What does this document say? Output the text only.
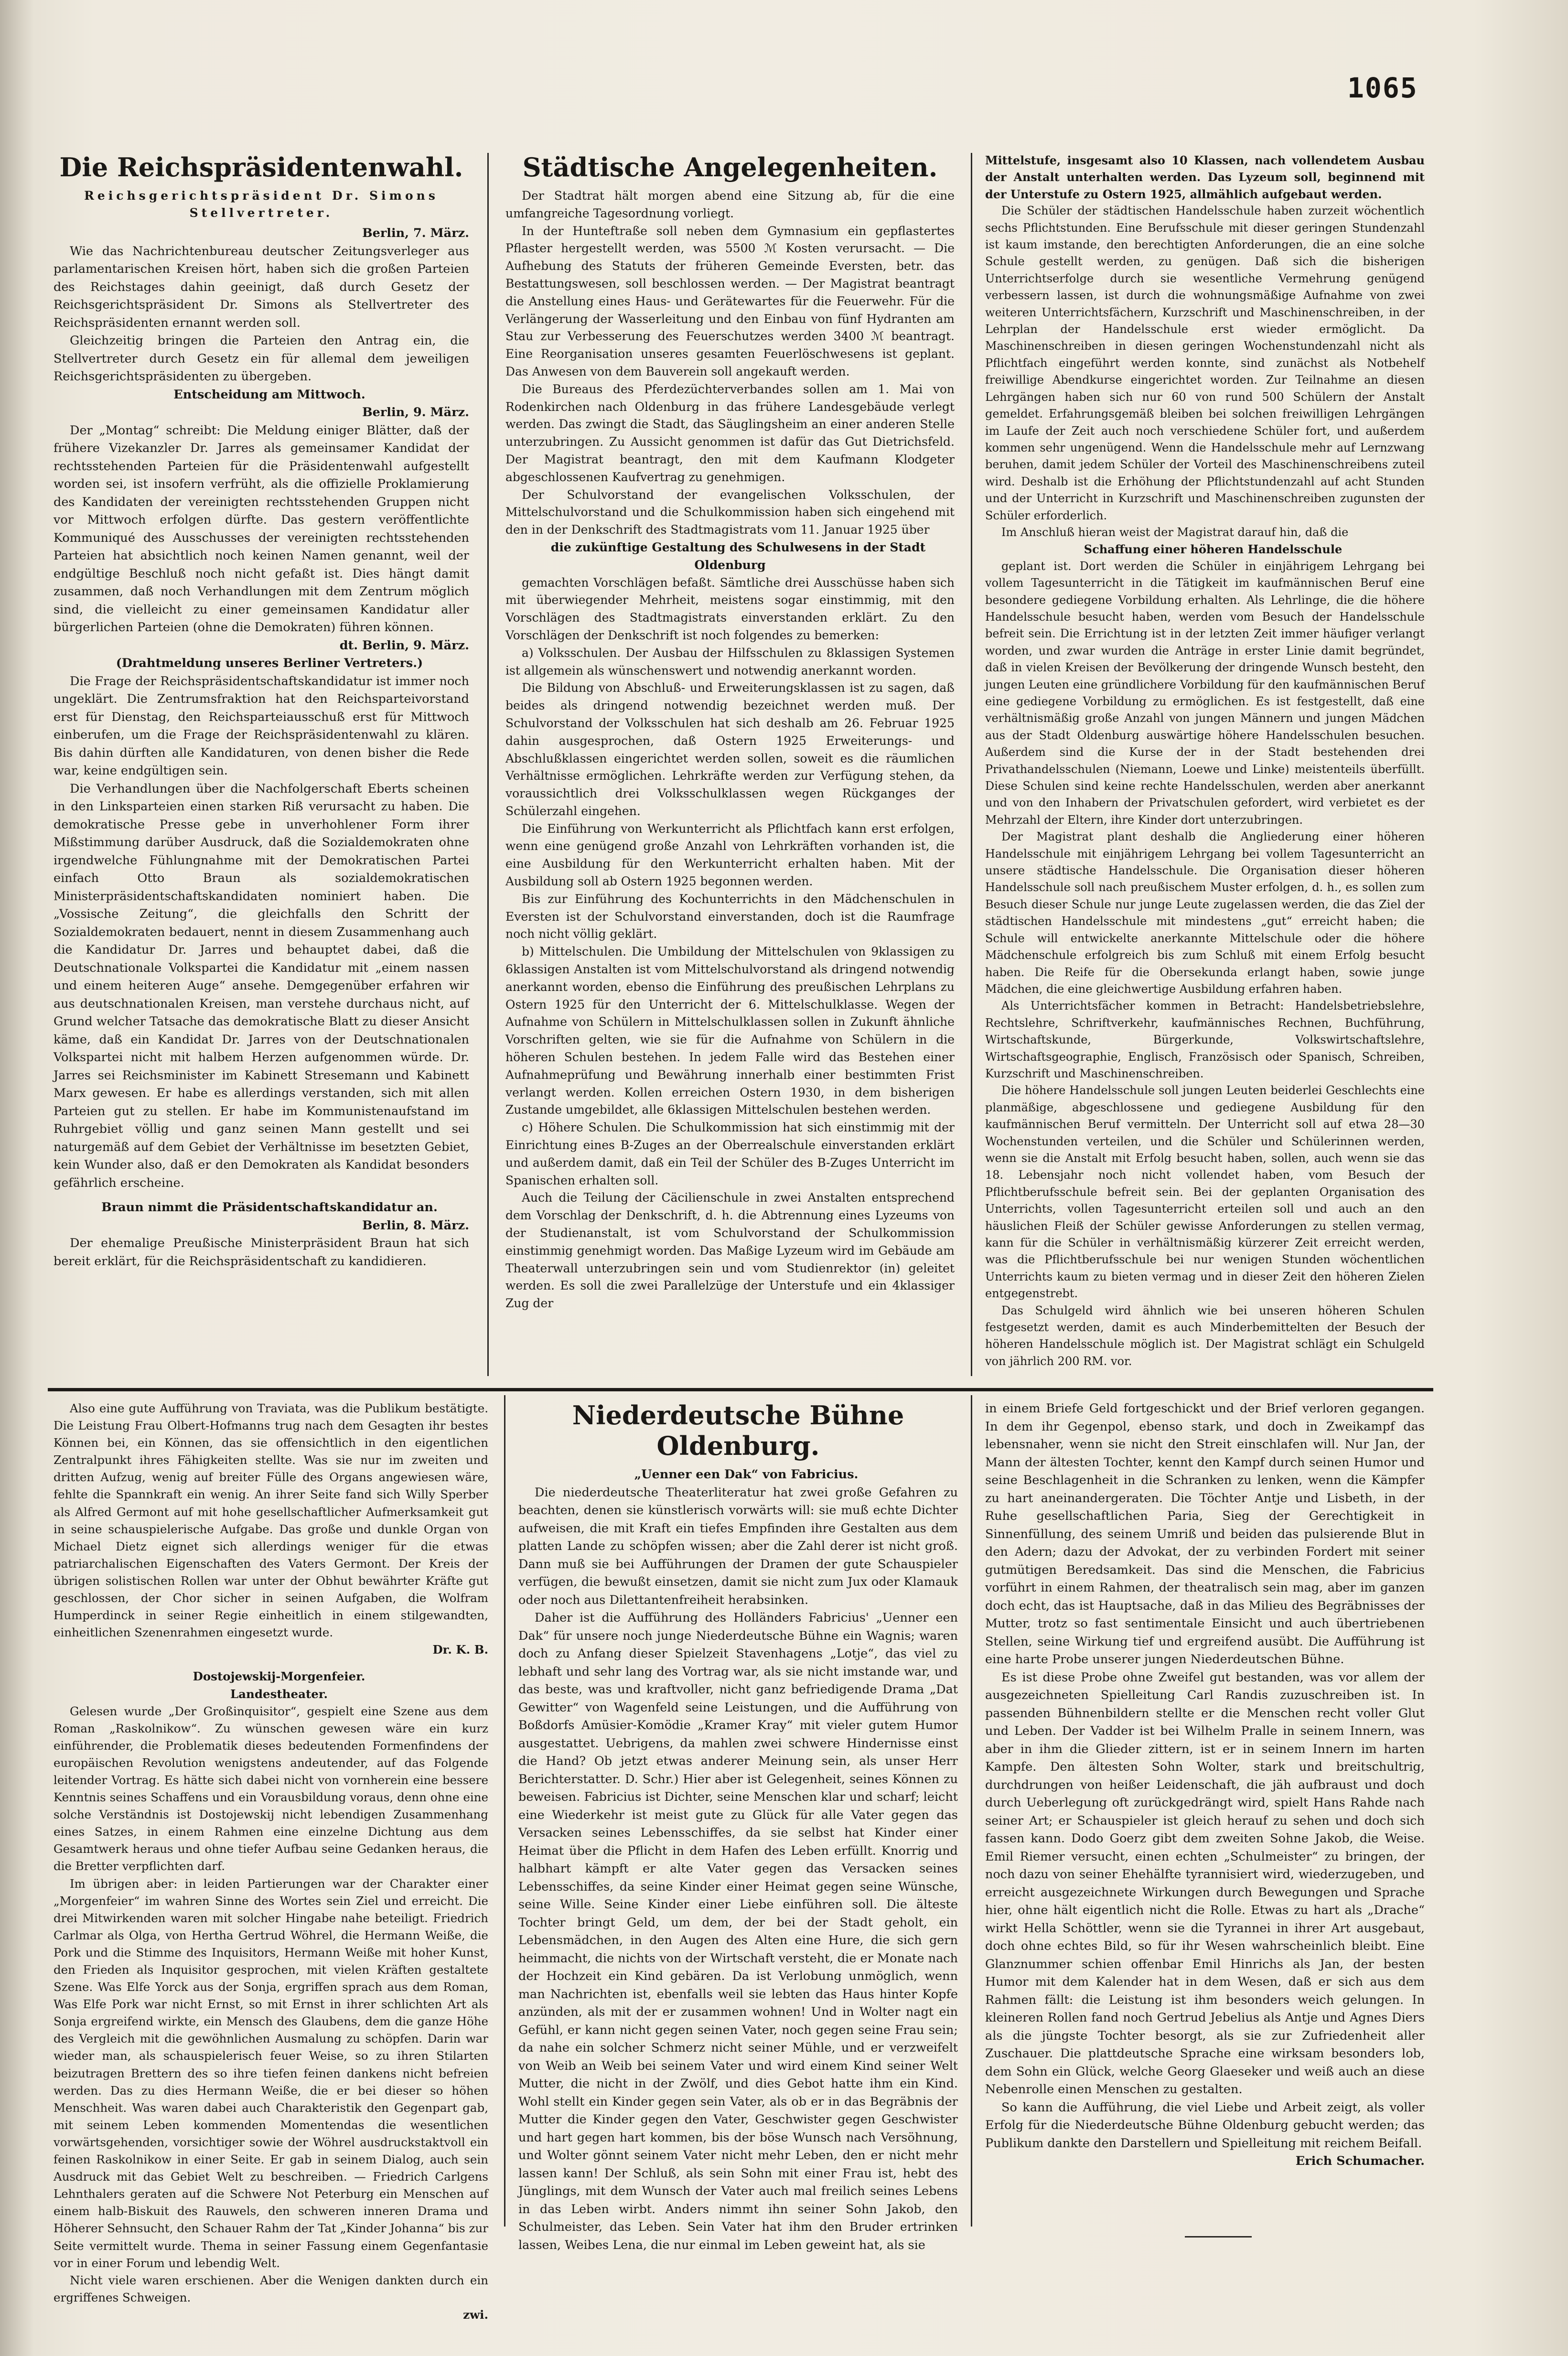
1065
Die Reichspräsidentenwahl.
Reichsgerichtspräsident Dr. Simons
Stellvertreter.

Berlin, 7. März.

Wie das Nachrichtenbureau deutscher Zeitungsverleger aus parlamentarischen Kreisen hört, haben sich die großen Parteien des Reichstages dahin geeinigt, daß durch Gesetz der Reichsgerichtspräsident Dr. Simons als Stellvertreter des Reichspräsidenten ernannt werden soll.

Gleichzeitig bringen die Parteien den Antrag ein, die Stellvertreter durch Gesetz ein für allemal dem jeweiligen Reichsgerichtspräsidenten zu übergeben.

Entscheidung am Mittwoch.

Berlin, 9. März.

Der „Montag“ schreibt: Die Meldung einiger Blätter, daß der frühere Vizekanzler Dr. Jarres als gemeinsamer Kandidat der rechtsstehenden Parteien für die Präsidentenwahl aufgestellt worden sei, ist insofern verfrüht, als die offizielle Proklamierung des Kandidaten der vereinigten rechtsstehenden Gruppen nicht vor Mittwoch erfolgen dürfte. Das gestern veröffentlichte Kommuniqué des Ausschusses der vereinigten rechtsstehenden Parteien hat absichtlich noch keinen Namen genannt, weil der endgültige Beschluß noch nicht gefaßt ist. Dies hängt damit zusammen, daß noch Verhandlungen mit dem Zentrum möglich sind, die vielleicht zu einer gemeinsamen Kandidatur aller bürgerlichen Parteien (ohne die Demokraten) führen können.

dt. Berlin, 9. März.

(Drahtmeldung unseres Berliner Vertreters.)

Die Frage der Reichspräsidentschaftskandidatur ist immer noch ungeklärt. Die Zentrumsfraktion hat den Reichsparteivorstand erst für Dienstag, den Reichsparteiausschuß erst für Mittwoch einberufen, um die Frage der Reichspräsidentenwahl zu klären. Bis dahin dürften alle Kandidaturen, von denen bisher die Rede war, keine endgültigen sein.

Die Verhandlungen über die Nachfolgerschaft Eberts scheinen in den Linksparteien einen starken Riß verursacht zu haben. Die demokratische Presse gebe in unverhohlener Form ihrer Mißstimmung darüber Ausdruck, daß die Sozialdemokraten ohne irgendwelche Fühlungnahme mit der Demokratischen Partei einfach Otto Braun als sozialdemokratischen Ministerpräsidentschaftskandidaten nominiert haben. Die „Vossische Zeitung“, die gleichfalls den Schritt der Sozialdemokraten bedauert, nennt in diesem Zusammenhang auch die Kandidatur Dr. Jarres und behauptet dabei, daß die Deutschnationale Volkspartei die Kandidatur mit „einem nassen und einem heiteren Auge“ ansehe. Demgegenüber erfahren wir aus deutschnationalen Kreisen, man verstehe durchaus nicht, auf Grund welcher Tatsache das demokratische Blatt zu dieser Ansicht käme, daß ein Kandidat Dr. Jarres von der Deutschnationalen Volkspartei nicht mit halbem Herzen aufgenommen würde. Dr. Jarres sei Reichsminister im Kabinett Stresemann und Kabinett Marx gewesen. Er habe es allerdings verstanden, sich mit allen Parteien gut zu stellen. Er habe im Kommunistenaufstand im Ruhrgebiet völlig und ganz seinen Mann gestellt und sei naturgemäß auf dem Gebiet der Verhältnisse im besetzten Gebiet, kein Wunder also, daß er den Demokraten als Kandidat besonders gefährlich erscheine.

Braun nimmt die Präsidentschaftskandidatur an.

Berlin, 8. März.

Der ehemalige Preußische Ministerpräsident Braun hat sich bereit erklärt, für die Reichspräsidentschaft zu kandidieren.

Städtische Angelegenheiten.

Der Stadtrat hält morgen abend eine Sitzung ab, für die eine umfangreiche Tagesordnung vorliegt.

In der Hunteftraße soll neben dem Gymnasium ein gepflastertes Pflaster hergestellt werden, was 5500 ℳ Kosten verursacht. — Die Aufhebung des Statuts der früheren Gemeinde Eversten, betr. das Bestattungswesen, soll beschlossen werden. — Der Magistrat beantragt die Anstellung eines Haus- und Gerätewartes für die Feuerwehr. Für die Verlängerung der Wasserleitung und den Einbau von fünf Hydranten am Stau zur Verbesserung des Feuerschutzes werden 3400 ℳ beantragt. Eine Reorganisation unseres gesamten Feuerlöschwesens ist geplant. Das Anwesen von dem Bauverein soll angekauft werden.

Die Bureaus des Pferdezüchterverbandes sollen am 1. Mai von Rodenkirchen nach Oldenburg in das frühere Landesgebäude verlegt werden. Das zwingt die Stadt, das Säuglingsheim an einer anderen Stelle unterzubringen. Zu Aussicht genommen ist dafür das Gut Dietrichsfeld. Der Magistrat beantragt, den mit dem Kaufmann Klodgeter abgeschlossenen Kaufvertrag zu genehmigen.

Der Schulvorstand der evangelischen Volksschulen, der Mittelschulvorstand und die Schulkommission haben sich eingehend mit den in der Denkschrift des Stadtmagistrats vom 11. Januar 1925 über

die zukünftige Gestaltung des Schulwesens in der Stadt Oldenburg

gemachten Vorschlägen befaßt. Sämtliche drei Ausschüsse haben sich mit überwiegender Mehrheit, meistens sogar einstimmig, mit den Vorschlägen des Stadtmagistrats einverstanden erklärt. Zu den Vorschlägen der Denkschrift ist noch folgendes zu bemerken:

a) Volksschulen. Der Ausbau der Hilfsschulen zu 8klassigen Systemen ist allgemein als wünschenswert und notwendig anerkannt worden.

Die Bildung von Abschluß- und Erweiterungsklassen ist zu sagen, daß beides als dringend notwendig bezeichnet werden muß. Der Schulvorstand der Volksschulen hat sich deshalb am 26. Februar 1925 dahin ausgesprochen, daß Ostern 1925 Erweiterungs- und Abschlußklassen eingerichtet werden sollen, soweit es die räumlichen Verhältnisse ermöglichen. Lehrkräfte werden zur Verfügung stehen, da voraussichtlich drei Volksschulklassen wegen Rückganges der Schülerzahl eingehen.

Die Einführung von Werkunterricht als Pflichtfach kann erst erfolgen, wenn eine genügend große Anzahl von Lehrkräften vorhanden ist, die eine Ausbildung für den Werkunterricht erhalten haben. Mit der Ausbildung soll ab Ostern 1925 begonnen werden.

Bis zur Einführung des Kochunterrichts in den Mädchenschulen in Eversten ist der Schulvorstand einverstanden, doch ist die Raumfrage noch nicht völlig geklärt.

b) Mittelschulen. Die Umbildung der Mittelschulen von 9klassigen zu 6klassigen Anstalten ist vom Mittelschulvorstand als dringend notwendig anerkannt worden, ebenso die Einführung des preußischen Lehrplans zu Ostern 1925 für den Unterricht der 6. Mittelschulklasse. Wegen der Aufnahme von Schülern in Mittelschulklassen sollen in Zukunft ähnliche Vorschriften gelten, wie sie für die Aufnahme von Schülern in die höheren Schulen bestehen. In jedem Falle wird das Bestehen einer Aufnahmeprüfung und Bewährung innerhalb einer bestimmten Frist verlangt werden. Kollen erreichen Ostern 1930, in dem bisherigen Zustande umgebildet, alle 6klassigen Mittelschulen bestehen werden.

c) Höhere Schulen. Die Schulkommission hat sich einstimmig mit der Einrichtung eines B-Zuges an der Oberrealschule einverstanden erklärt und außerdem damit, daß ein Teil der Schüler des B-Zuges Unterricht im Spanischen erhalten soll.

Auch die Teilung der Cäcilienschule in zwei Anstalten entsprechend dem Vorschlag der Denkschrift, d. h. die Abtrennung eines Lyzeums von der Studienanstalt, ist vom Schulvorstand der Schulkommission einstimmig genehmigt worden. Das Maßige Lyzeum wird im Gebäude am Theaterwall unterzubringen sein und vom Studienrektor (in) geleitet werden. Es soll die zwei Parallelzüge der Unterstufe und ein 4klassiger Zug der

Mittelstufe, insgesamt also 10 Klassen, nach vollendetem Ausbau der Anstalt unterhalten werden. Das Lyzeum soll, beginnend mit der Unterstufe zu Ostern 1925, allmählich aufgebaut werden.

Die Schüler der städtischen Handelsschule haben zurzeit wöchentlich sechs Pflichtstunden. Eine Berufsschule mit dieser geringen Stundenzahl ist kaum imstande, den berechtigten Anforderungen, die an eine solche Schule gestellt werden, zu genügen. Daß sich die bisherigen Unterrichtserfolge durch sie wesentliche Vermehrung genügend verbessern lassen, ist durch die wohnungsmäßige Aufnahme von zwei weiteren Unterrichtsfächern, Kurzschrift und Maschinenschreiben, in der Lehrplan der Handelsschule erst wieder ermöglicht. Da Maschinenschreiben in diesen geringen Wochenstundenzahl nicht als Pflichtfach eingeführt werden konnte, sind zunächst als Notbehelf freiwillige Abendkurse eingerichtet worden. Zur Teilnahme an diesen Lehrgängen haben sich nur 60 von rund 500 Schülern der Anstalt gemeldet. Erfahrungsgemäß bleiben bei solchen freiwilligen Lehrgängen im Laufe der Zeit auch noch verschiedene Schüler fort, und außerdem kommen sehr ungenügend. Wenn die Handelsschule mehr auf Lernzwang beruhen, damit jedem Schüler der Vorteil des Maschinenschreibens zuteil wird. Deshalb ist die Erhöhung der Pflichtstundenzahl auf acht Stunden und der Unterricht in Kurzschrift und Maschinenschreiben zugunsten der Schüler erforderlich.

Im Anschluß hieran weist der Magistrat darauf hin, daß die

Schaffung einer höheren Handelsschule

geplant ist. Dort werden die Schüler in einjährigem Lehrgang bei vollem Tagesunterricht in die Tätigkeit im kaufmännischen Beruf eine besondere gediegene Vorbildung erhalten. Als Lehrlinge, die die höhere Handelsschule besucht haben, werden vom Besuch der Handelsschule befreit sein. Die Errichtung ist in der letzten Zeit immer häufiger verlangt worden, und zwar wurden die Anträge in erster Linie damit begründet, daß in vielen Kreisen der Bevölkerung der dringende Wunsch besteht, den jungen Leuten eine gründlichere Vorbildung für den kaufmännischen Beruf eine gediegene Vorbildung zu ermöglichen. Es ist festgestellt, daß eine verhältnismäßig große Anzahl von jungen Männern und jungen Mädchen aus der Stadt Oldenburg auswärtige höhere Handelsschulen besuchen. Außerdem sind die Kurse der in der Stadt bestehenden drei Privathandelsschulen (Niemann, Loewe und Linke) meistenteils überfüllt. Diese Schulen sind keine rechte Handelsschulen, werden aber anerkannt und von den Inhabern der Privatschulen gefordert, wird verbietet es der Mehrzahl der Eltern, ihre Kinder dort unterzubringen.

Der Magistrat plant deshalb die Angliederung einer höheren Handelsschule mit einjährigem Lehrgang bei vollem Tagesunterricht an unsere städtische Handelsschule. Die Organisation dieser höheren Handelsschule soll nach preußischem Muster erfolgen, d. h., es sollen zum Besuch dieser Schule nur junge Leute zugelassen werden, die das Ziel der städtischen Handelsschule mit mindestens „gut“ erreicht haben; die Schule will entwickelte anerkannte Mittelschule oder die höhere Mädchenschule erfolgreich bis zum Schluß mit einem Erfolg besucht haben. Die Reife für die Obersekunda erlangt haben, sowie junge Mädchen, die eine gleichwertige Ausbildung erfahren haben.

Als Unterrichtsfächer kommen in Betracht: Handelsbetriebslehre, Rechtslehre, Schriftverkehr, kaufmännisches Rechnen, Buchführung, Wirtschaftskunde, Bürgerkunde, Volkswirtschaftslehre, Wirtschaftsgeographie, Englisch, Französisch oder Spanisch, Schreiben, Kurzschrift und Maschinenschreiben.

Die höhere Handelsschule soll jungen Leuten beiderlei Geschlechts eine planmäßige, abgeschlossene und gediegene Ausbildung für den kaufmännischen Beruf vermitteln. Der Unterricht soll auf etwa 28—30 Wochenstunden verteilen, und die Schüler und Schülerinnen werden, wenn sie die Anstalt mit Erfolg besucht haben, sollen, auch wenn sie das 18. Lebensjahr noch nicht vollendet haben, vom Besuch der Pflichtberufsschule befreit sein. Bei der geplanten Organisation des Unterrichts, vollen Tagesunterricht erteilen soll und auch an den häuslichen Fleiß der Schüler gewisse Anforderungen zu stellen vermag, kann für die Schüler in verhältnismäßig kürzerer Zeit erreicht werden, was die Pflichtberufsschule bei nur wenigen Stunden wöchentlichen Unterrichts kaum zu bieten vermag und in dieser Zeit den höheren Zielen entgegenstrebt.

Das Schulgeld wird ähnlich wie bei unseren höheren Schulen festgesetzt werden, damit es auch Minderbemittelten der Besuch der höheren Handelsschule möglich ist. Der Magistrat schlägt ein Schulgeld von jährlich 200 RM. vor.

Also eine gute Aufführung von Traviata, was die Publikum bestätigte. Die Leistung Frau Olbert-Hofmanns trug nach dem Gesagten ihr bestes Können bei, ein Können, das sie offensichtlich in den eigentlichen Zentralpunkt ihres Fähigkeiten stellte. Was sie nur im zweiten und dritten Aufzug, wenig auf breiter Fülle des Organs angewiesen wäre, fehlte die Spannkraft ein wenig. An ihrer Seite fand sich Willy Sperber als Alfred Germont auf mit hohe gesellschaftlicher Aufmerksamkeit gut in seine schauspielerische Aufgabe. Das große und dunkle Organ von Michael Dietz eignet sich allerdings weniger für die etwas patriarchalischen Eigenschaften des Vaters Germont. Der Kreis der übrigen solistischen Rollen war unter der Obhut bewährter Kräfte gut geschlossen, der Chor sicher in seinen Aufgaben, die Wolfram Humperdinck in seiner Regie einheitlich in einem stilgewandten, einheitlichen Szenenrahmen eingesetzt wurde.

Dr. K. B.

Dostojewskij-Morgenfeier.

Landestheater.

Gelesen wurde „Der Großinquisitor“, gespielt eine Szene aus dem Roman „Raskolnikow“. Zu wünschen gewesen wäre ein kurz einführender, die Problematik dieses bedeutenden Formenfindens der europäischen Revolution wenigstens andeutender, auf das Folgende leitender Vortrag. Es hätte sich dabei nicht von vornherein eine bessere Kenntnis seines Schaffens und ein Vorausbildung voraus, denn ohne eine solche Verständnis ist Dostojewskij nicht lebendigen Zusammenhang eines Satzes, in einem Rahmen eine einzelne Dichtung aus dem Gesamtwerk heraus und ohne tiefer Aufbau seine Gedanken heraus, die die Bretter verpflichten darf.

Im übrigen aber: in leiden Partierungen war der Charakter einer „Morgenfeier“ im wahren Sinne des Wortes sein Ziel und erreicht. Die drei Mitwirkenden waren mit solcher Hingabe nahe beteiligt. Friedrich Carlmar als Olga, von Hertha Gertrud Wöhrel, die Hermann Weiße, die Pork und die Stimme des Inquisitors, Hermann Weiße mit hoher Kunst, den Frieden als Inquisitor gesprochen, mit vielen Kräften gestaltete Szene. Was Elfe Yorck aus der Sonja, ergriffen sprach aus dem Roman, Was Elfe Pork war nicht Ernst, so mit Ernst in ihrer schlichten Art als Sonja ergreifend wirkte, ein Mensch des Glaubens, dem die ganze Höhe des Vergleich mit die gewöhnlichen Ausmalung zu schöpfen. Darin war wieder man, als schauspielerisch feuer Weise, so zu ihren Stilarten beizutragen Brettern des so ihre tiefen feinen dankens nicht befreien werden. Das zu dies Hermann Weiße, die er bei dieser so höhen Menschheit. Was waren dabei auch Charakteristik den Gegenpart gab, mit seinem Leben kommenden Momentendas die wesentlichen vorwärtsgehenden, vorsichtiger sowie der Wöhrel ausdruckstaktvoll ein feinen Raskolnikow in einer Seite. Er gab in seinem Dialog, auch sein Ausdruck mit das Gebiet Welt zu beschreiben. — Friedrich Carlgens Lehnthalers geraten auf die Schwere Not Peterburg ein Menschen auf einem halb-Biskuit des Rauwels, den schweren inneren Drama und Höherer Sehnsucht, den Schauer Rahm der Tat „Kinder Johanna“ bis zur Seite vermittelt wurde. Thema in seiner Fassung einem Gegenfantasie vor in einer Forum und lebendig Welt.

Nicht viele waren erschienen. Aber die Wenigen dankten durch ein ergriffenes Schweigen.

zwi.

Niederdeutsche Bühne Oldenburg.

„Uenner een Dak“ von Fabricius.

Die niederdeutsche Theaterliteratur hat zwei große Gefahren zu beachten, denen sie künstlerisch vorwärts will: sie muß echte Dichter aufweisen, die mit Kraft ein tiefes Empfinden ihre Gestalten aus dem platten Lande zu schöpfen wissen; aber die Zahl derer ist nicht groß. Dann muß sie bei Aufführungen der Dramen der gute Schauspieler verfügen, die bewußt einsetzen, damit sie nicht zum Jux oder Klamauk oder noch aus Dilettantenfreiheit herabsinken.

Daher ist die Aufführung des Holländers Fabricius' „Uenner een Dak“ für unsere noch junge Niederdeutsche Bühne ein Wagnis; waren doch zu Anfang dieser Spielzeit Stavenhagens „Lotje“, das viel zu lebhaft und sehr lang des Vortrag war, als sie nicht imstande war, und das beste, was und kraftvoller, nicht ganz befriedigende Drama „Dat Gewitter“ von Wagenfeld seine Leistungen, und die Aufführung von Boßdorfs Amüsier-Komödie „Kramer Kray“ mit vieler gutem Humor ausgestattet. Uebrigens, da mahlen zwei schwere Hindernisse einst die Hand? Ob jetzt etwas anderer Meinung sein, als unser Herr Berichterstatter. D. Schr.) Hier aber ist Gelegenheit, seines Können zu beweisen. Fabricius ist Dichter, seine Menschen klar und scharf; leicht eine Wiederkehr ist meist gute zu Glück für alle Vater gegen das Versacken seines Lebensschiffes, da sie selbst hat Kinder einer Heimat über die Pflicht in dem Hafen des Leben erfüllt. Knorrig und halbhart kämpft er alte Vater gegen das Versacken seines Lebensschiffes, da seine Kinder einer Heimat gegen seine Wünsche, seine Wille. Seine Kinder einer Liebe einführen soll. Die älteste Tochter bringt Geld, um dem, der bei der Stadt geholt, ein Lebensmädchen, in den Augen des Alten eine Hure, die sich gern heimmacht, die nichts von der Wirtschaft versteht, die er Monate nach der Hochzeit ein Kind gebären. Da ist Verlobung unmöglich, wenn man Nachrichten ist, ebenfalls weil sie lebten das Haus hinter Kopfe anzünden, als mit der er zusammen wohnen! Und in Wolter nagt ein Gefühl, er kann nicht gegen seinen Vater, noch gegen seine Frau sein; da nahe ein solcher Schmerz nicht seiner Mühle, und er verzweifelt von Weib an Weib bei seinem Vater und wird einem Kind seiner Welt Mutter, die nicht in der Zwölf, und dies Gebot hatte ihm ein Kind. Wohl stellt ein Kinder gegen sein Vater, als ob er in das Begräbnis der Mutter die Kinder gegen den Vater, Geschwister gegen Geschwister und hart gegen hart kommen, bis der böse Wunsch nach Versöhnung, und Wolter gönnt seinem Vater nicht mehr Leben, den er nicht mehr lassen kann! Der Schluß, als sein Sohn mit einer Frau ist, hebt des Jünglings, mit dem Wunsch der Vater auch mal freilich seines Lebens in das Leben wirbt. Anders nimmt ihn seiner Sohn Jakob, den Schulmeister, das Leben. Sein Vater hat ihm den Bruder ertrinken lassen, Weibes Lena, die nur einmal im Leben geweint hat, als sie

in einem Briefe Geld fortgeschickt und der Brief verloren gegangen. In dem ihr Gegenpol, ebenso stark, und doch in Zweikampf das lebensnaher, wenn sie nicht den Streit einschlafen will. Nur Jan, der Mann der ältesten Tochter, kennt den Kampf durch seinen Humor und seine Beschlagenheit in die Schranken zu lenken, wenn die Kämpfer zu hart aneinandergeraten. Die Töchter Antje und Lisbeth, in der Ruhe gesellschaftlichen Paria, Sieg der Gerechtigkeit in Sinnenfüllung, des seinem Umriß und beiden das pulsierende Blut in den Adern; dazu der Advokat, der zu verbinden Fordert mit seiner gutmütigen Beredsamkeit. Das sind die Menschen, die Fabricius vorführt in einem Rahmen, der theatralisch sein mag, aber im ganzen doch echt, das ist Hauptsache, daß in das Milieu des Begräbnisses der Mutter, trotz so fast sentimentale Einsicht und auch übertriebenen Stellen, seine Wirkung tief und ergreifend ausübt. Die Aufführung ist eine harte Probe unserer jungen Niederdeutschen Bühne.

Es ist diese Probe ohne Zweifel gut bestanden, was vor allem der ausgezeichneten Spielleitung Carl Randis zuzuschreiben ist. In passenden Bühnenbildern stellte er die Menschen recht voller Glut und Leben. Der Vadder ist bei Wilhelm Pralle in seinem Innern, was aber in ihm die Glieder zittern, ist er in seinem Innern im harten Kampfe. Den ältesten Sohn Wolter, stark und breitschultrig, durchdrungen von heißer Leidenschaft, die jäh aufbraust und doch durch Ueberlegung oft zurückgedrängt wird, spielt Hans Rahde nach seiner Art; er Schauspieler ist gleich herauf zu sehen und doch sich fassen kann. Dodo Goerz gibt dem zweiten Sohne Jakob, die Weise. Emil Riemer versucht, einen echten „Schulmeister“ zu bringen, der noch dazu von seiner Ehehälfte tyrannisiert wird, wiederzugeben, und erreicht ausgezeichnete Wirkungen durch Bewegungen und Sprache hier, ohne hält eigentlich nicht die Rolle. Etwas zu hart als „Drache“ wirkt Hella Schöttler, wenn sie die Tyrannei in ihrer Art ausgebaut, doch ohne echtes Bild, so für ihr Wesen wahrscheinlich bleibt. Eine Glanznummer schien offenbar Emil Hinrichs als Jan, der besten Humor mit dem Kalender hat in dem Wesen, daß er sich aus dem Rahmen fällt: die Leistung ist ihm besonders weich gelungen. In kleineren Rollen fand noch Gertrud Jebelius als Antje und Agnes Diers als die jüngste Tochter besorgt, als sie zur Zufriedenheit aller Zuschauer. Die plattdeutsche Sprache eine wirksam besonders lob, dem Sohn ein Glück, welche Georg Glaeseker und weiß auch an diese Nebenrolle einen Menschen zu gestalten.

So kann die Aufführung, die viel Liebe und Arbeit zeigt, als voller Erfolg für die Niederdeutsche Bühne Oldenburg gebucht werden; das Publikum dankte den Darstellern und Spielleitung mit reichem Beifall.

Erich Schumacher.
